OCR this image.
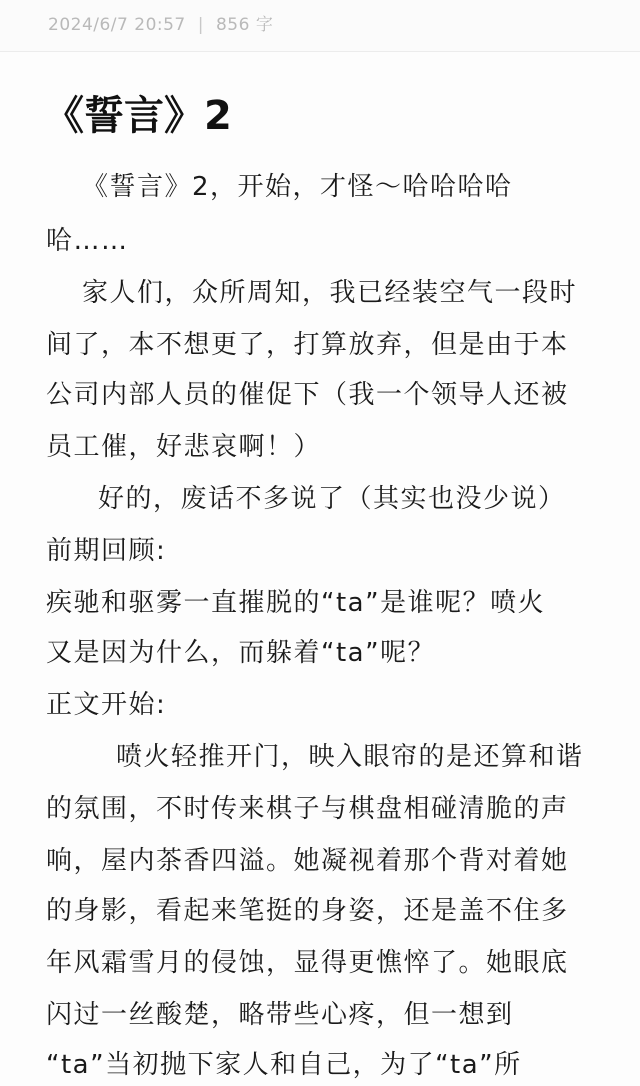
2024/6/7 20:57 | 856 字
《誓言》2
《誓言》2，开始，才怪～哈哈哈哈
哈……
家人们，众所周知，我已经装空气一段时
间了，本不想更了，打算放弃，但是由于本
公司内部人员的催促下（我一个领导人还被
员工催，好悲哀啊！）
好的，废话不多说了（其实也没少说）
前期回顾:
疾驰和驱雾一直摧脱的“ta”是谁呢？喷火
又是因为什么，而躲着“ta”呢？
正文开始:
喷火轻推开门，映入眼帘的是还算和谐
的氛围，不时传来棋子与棋盘相碰清脆的声
响，屋内茶香四溢。她凝视着那个背对着她
的身影，看起来笔挺的身姿，还是盖不住多
年风霜雪月的侵蚀，显得更憔悴了。她眼底
闪过一丝酸楚，略带些心疼，但一想到
“ta”当初抛下家人和自己，为了“ta”所
